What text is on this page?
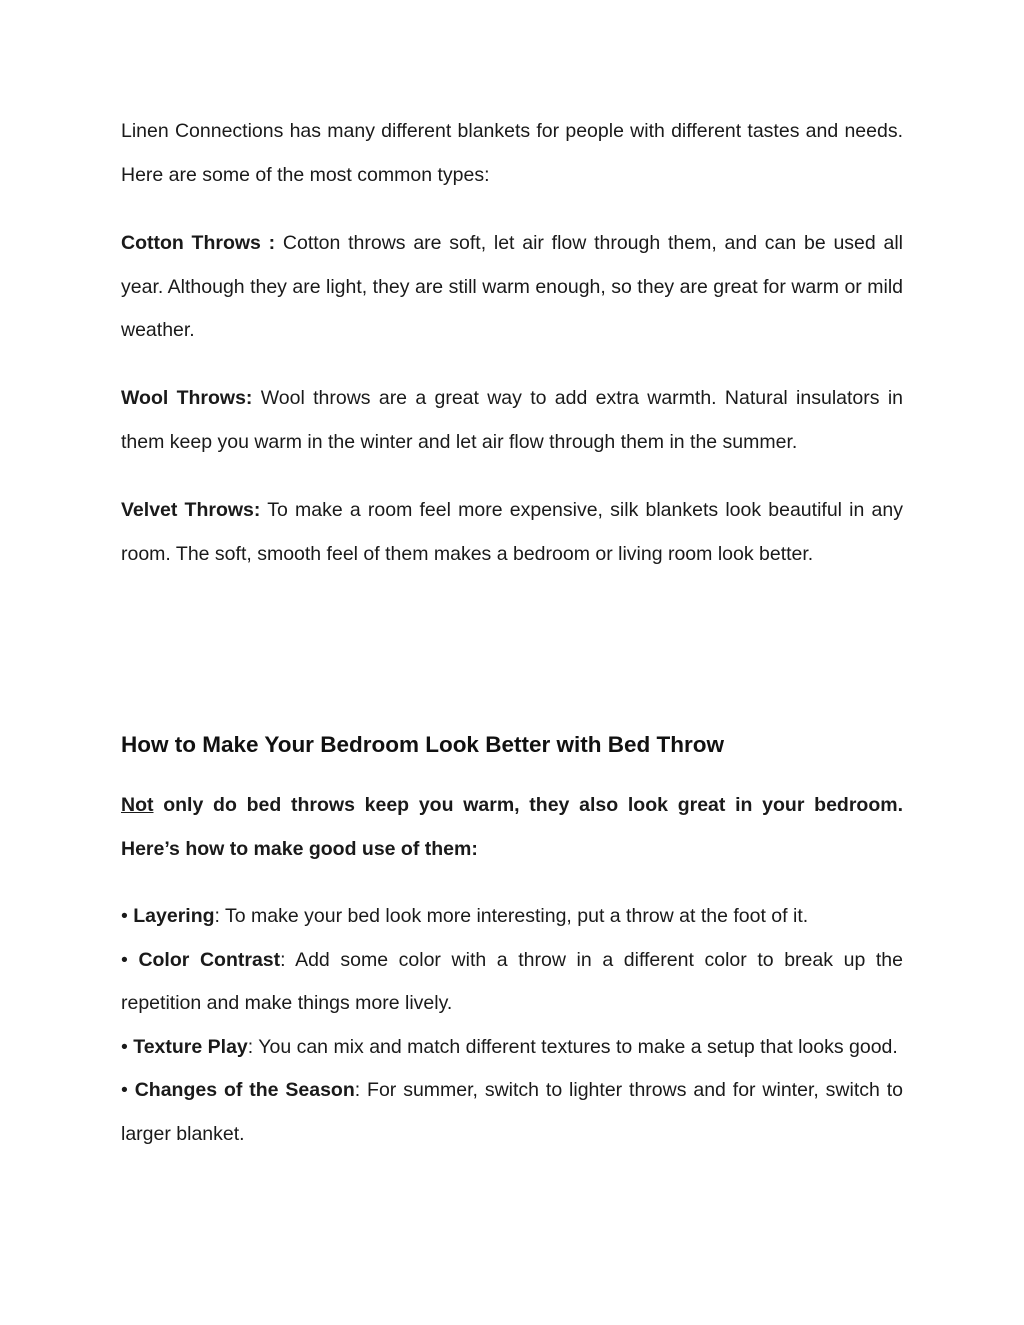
Linen Connections has many different blankets for people with different tastes and needs. Here are some of the most common types:

Cotton Throws : Cotton throws are soft, let air flow through them, and can be used all year. Although they are light, they are still warm enough, so they are great for warm or mild weather.

Wool Throws: Wool throws are a great way to add extra warmth. Natural insulators in them keep you warm in the winter and let air flow through them in the summer.

Velvet Throws: To make a room feel more expensive, silk blankets look beautiful in any room. The soft, smooth feel of them makes a bedroom or living room look better.

How to Make Your Bedroom Look Better with Bed Throw

Not only do bed throws keep you warm, they also look great in your bedroom. Here’s how to make good use of them:

• Layering: To make your bed look more interesting, put a throw at the foot of it.

• Color Contrast: Add some color with a throw in a different color to break up the repetition and make things more lively.

• Texture Play: You can mix and match different textures to make a setup that looks good.

• Changes of the Season: For summer, switch to lighter throws and for winter, switch to larger blanket.
